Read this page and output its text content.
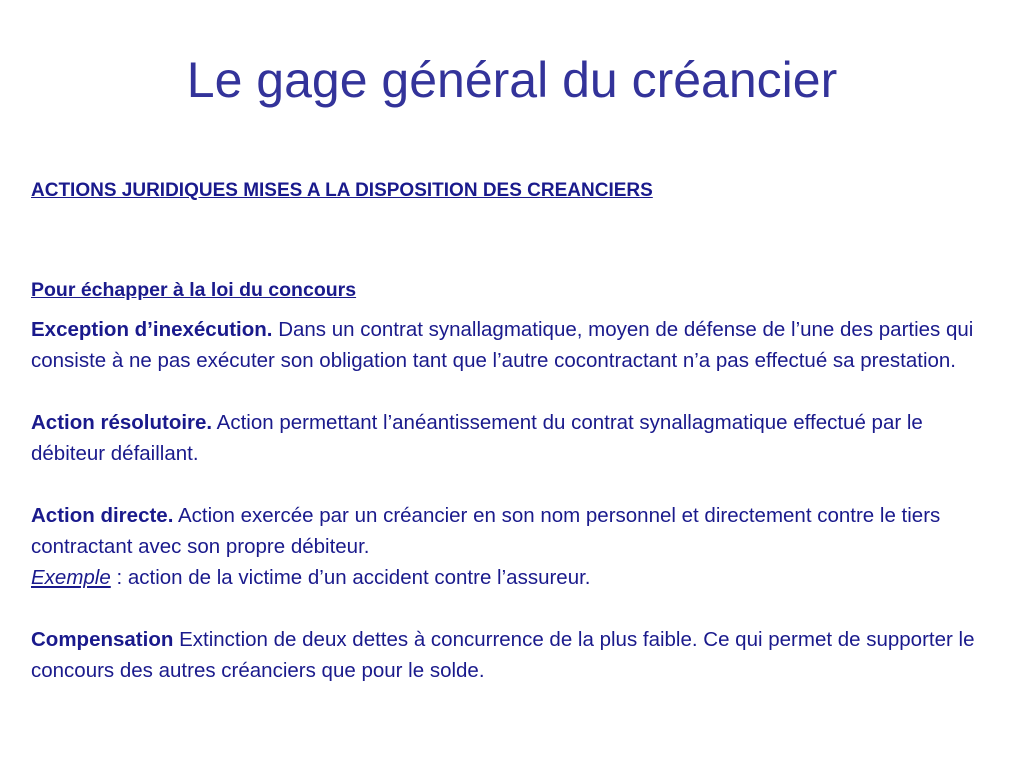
Le gage général du créancier
ACTIONS JURIDIQUES MISES A LA DISPOSITION DES CREANCIERS
Pour échapper à la loi du concours
Exception d’inexécution. Dans un contrat synallagmatique, moyen de défense de l’une des parties qui consiste à ne pas exécuter son obligation tant que l’autre cocontractant n’a pas effectué sa prestation.
Action résolutoire. Action permettant l’anéantissement du contrat synallagmatique effectué par le débiteur défaillant.
Action directe. Action exercée par un créancier en son nom personnel et directement contre le tiers contractant avec son propre débiteur.
Exemple : action de la victime d’un accident contre l’assureur.
Compensation Extinction de deux dettes à concurrence de la plus faible. Ce qui permet de supporter le concours des autres créanciers que pour le solde.
